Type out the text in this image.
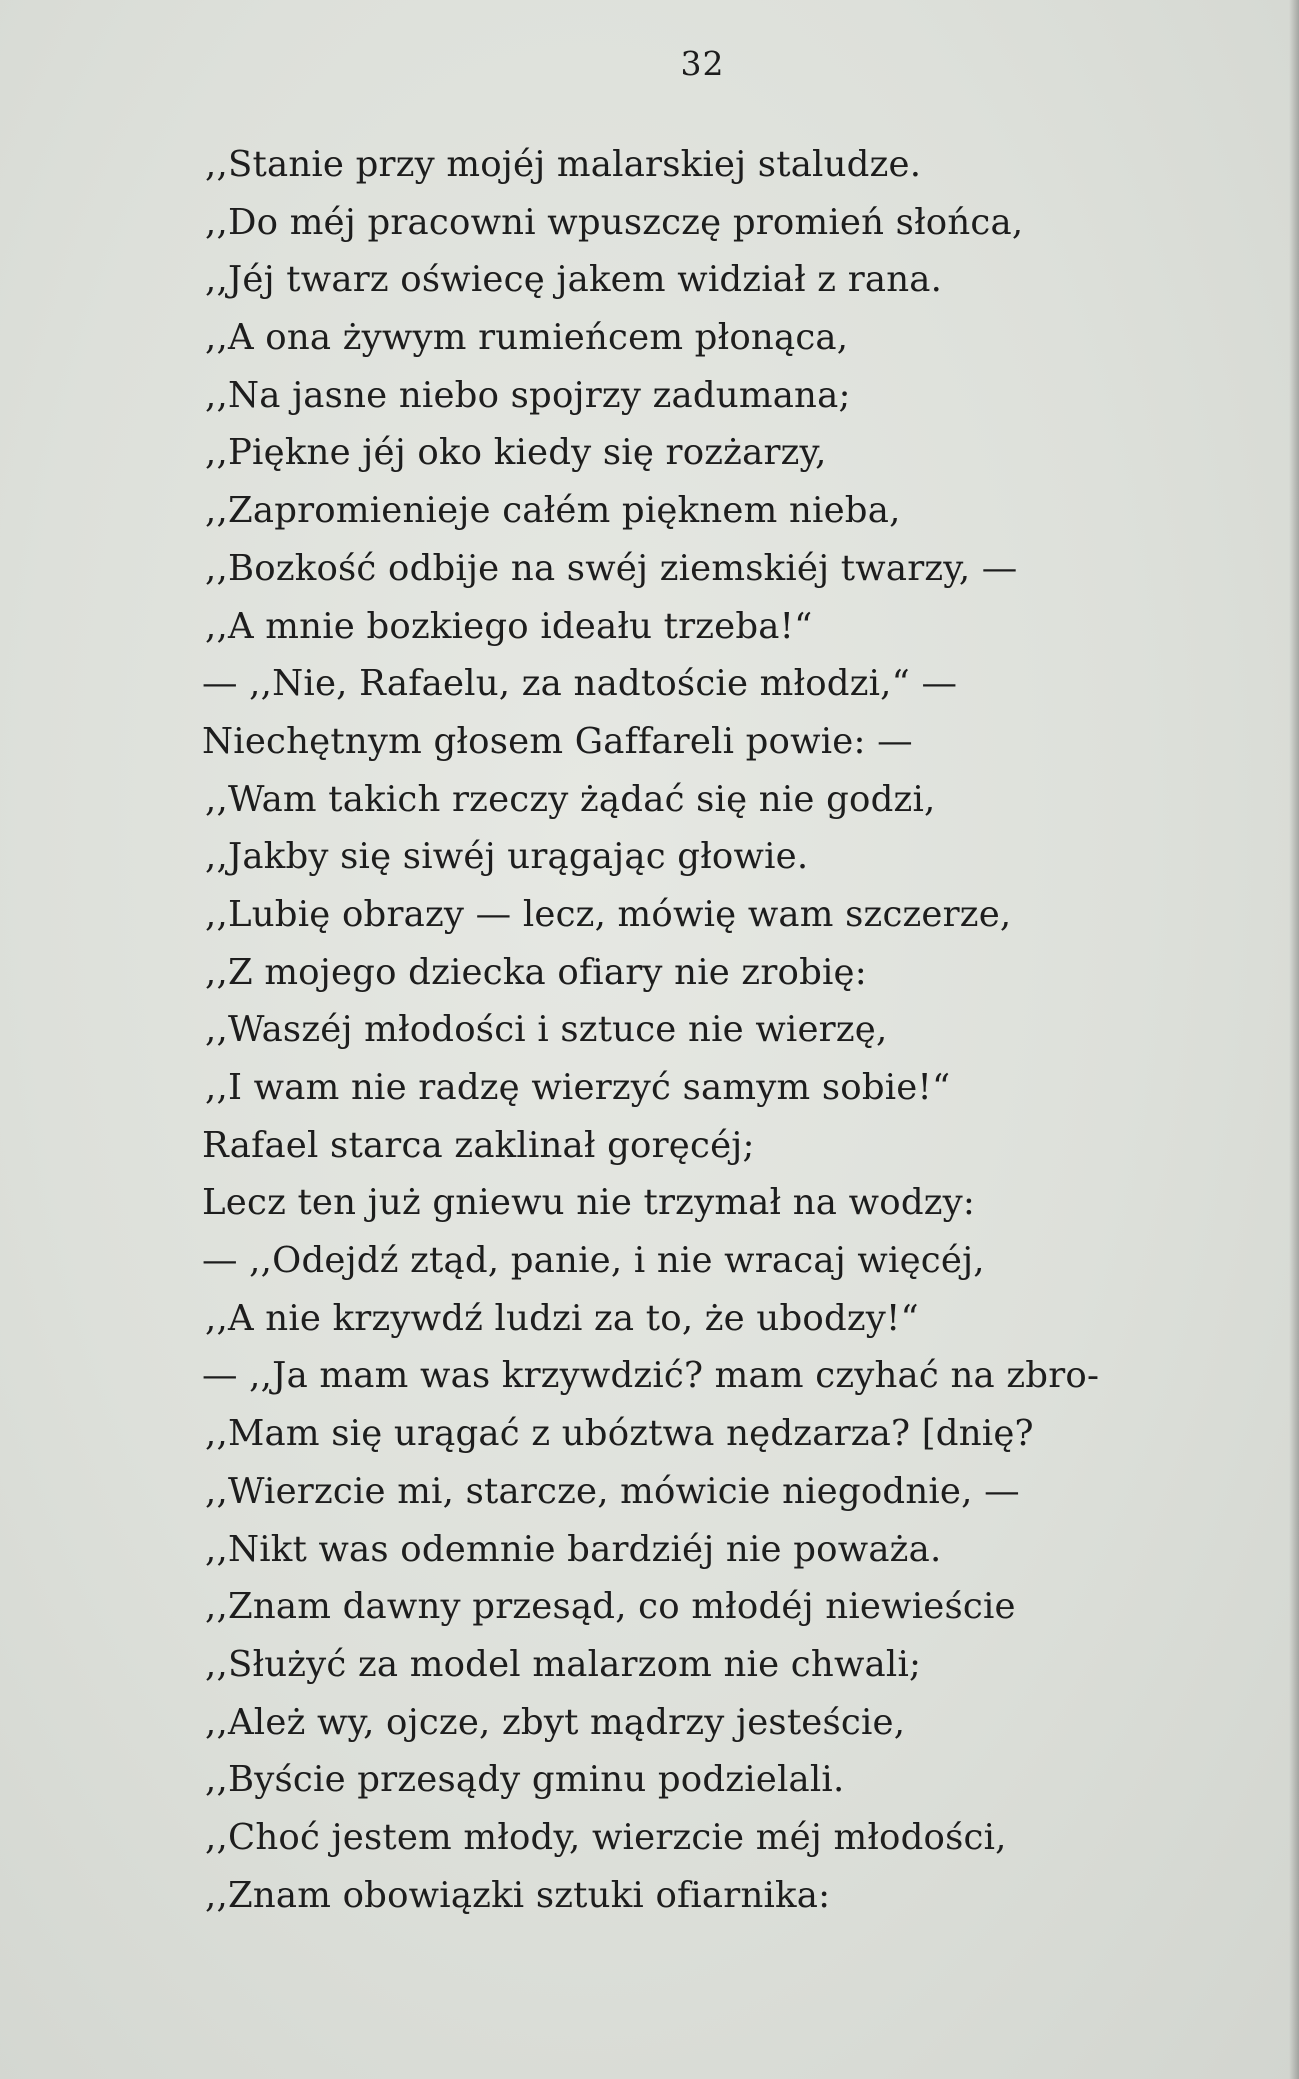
32

,,Stanie przy mojéj malarskiej staludze.
,,Do méj pracowni wpuszczę promień słońca,
,,Jéj twarz oświecę jakem widział z rana.
,,A ona żywym rumieńcem płonąca,
,,Na jasne niebo spojrzy zadumana;
,,Piękne jéj oko kiedy się rozżarzy,
,,Zapromienieje całém pięknem nieba,
,,Bozkość odbije na swéj ziemskiéj twarzy, —
,,A mnie bozkiego ideału trzeba!“
— ,,Nie, Rafaelu, za nadtoście młodzi,“ —
Niechętnym głosem Gaffareli powie: —
,,Wam takich rzeczy żądać się nie godzi,
,,Jakby się siwéj urągając głowie.
,,Lubię obrazy — lecz, mówię wam szczerze,
,,Z mojego dziecka ofiary nie zrobię:
,,Waszéj młodości i sztuce nie wierzę,
,,I wam nie radzę wierzyć samym sobie!“
Rafael starca zaklinał goręcéj;
Lecz ten już gniewu nie trzymał na wodzy:
— ,,Odejdź ztąd, panie, i nie wracaj więcéj,
,,A nie krzywdź ludzi za to, że ubodzy!“
— ,,Ja mam was krzywdzić? mam czyhać na zbro-
,,Mam się urągać z ubóztwa nędzarza? [dnię?
,,Wierzcie mi, starcze, mówicie niegodnie, —
,,Nikt was odemnie bardziéj nie poważa.
,,Znam dawny przesąd, co młodéj niewieście
,,Służyć za model malarzom nie chwali;
,,Ależ wy, ojcze, zbyt mądrzy jesteście,
,,Byście przesądy gminu podzielali.
,,Choć jestem młody, wierzcie méj młodości,
,,Znam obowiązki sztuki ofiarnika:
